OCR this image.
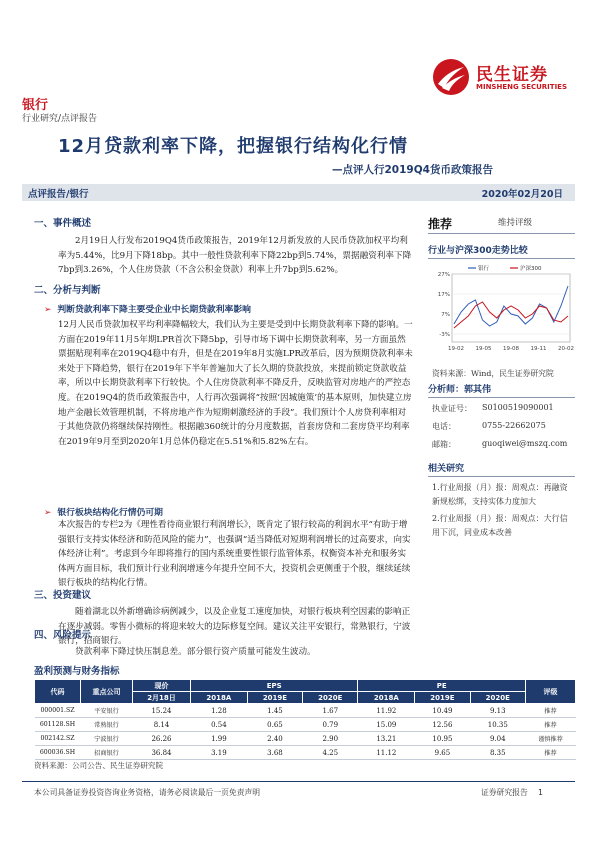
民生证券
MINSHENG SECURITIES
银行
行业研究/点评报告
12月贷款利率下降，把握银行结构化行情
—点评人行2019Q4货币政策报告
点评报告/银行	2020年02月20日
一、事件概述
2月19日人行发布2019Q4货币政策报告，2019年12月新发放的人民币贷款加权平均利率为5.44%，比9月下降18bp。其中一般性贷款利率下降22bp到5.74%，票据融资利率下降7bp到3.26%，个人住房贷款（不含公积金贷款）利率上升7bp到5.62%。
二、分析与判断
➢ 判断贷款利率下降主要受企业中长期贷款利率影响
12月人民币贷款加权平均利率降幅较大，我们认为主要是受到中长期贷款利率下降的影响。一方面在2019年11月5年期LPR首次下降5bp，引导市场下调中长期贷款利率，另一方面虽然票据贴现利率在2019Q4稳中有升，但是在2019年8月实施LPR改革后，因为预期贷款利率未来处于下降趋势，银行在2019年下半年普遍加大了长久期的贷款投放，来提前锁定贷款收益率，所以中长期贷款利率下行较快。个人住房贷款利率不降反升，反映监管对房地产的严控态度。在2019Q4的货币政策报告中，人行再次强调将“按照‘因城施策’的基本原则，加快建立房地产金融长效管理机制，不将房地产作为短期刺激经济的手段”。我们预计个人房贷利率相对于其他贷款仍将继续保持刚性。根据融360统计的分月度数据，首套房贷和二套房贷平均利率在2019年9月至到2020年1月总体仍稳定在5.51%和5.82%左右。
➢ 银行板块结构化行情仍可期
本次报告的专栏2为《理性看待商业银行利润增长》，既肯定了银行较高的利润水平“有助于增强银行支持实体经济和防范风险的能力”，也强调“适当降低对短期利润增长的过高要求，向实体经济让利”。考虑到今年即将推行的国内系统重要性银行监管体系，权衡资本补充和服务实体两方面目标，我们预计行业利润增速今年提升空间不大，投资机会更侧重于个股，继续延续银行板块的结构化行情。
三、投资建议
随着湖北以外新增确诊病例减少，以及企业复工速度加快，对银行板块利空因素的影响正在逐步减弱。零售小微标的将迎来较大的边际修复空间。建议关注平安银行，常熟银行，宁波银行，招商银行。
推荐	维持评级
行业与沪深300走势比较
27%
17%
7%
-3%
19-02 19-05 19-08 19-11 20-02
银行	沪深300
资料来源：Wind，民生证券研究院
分析师：郭其伟
执业证号： S0100519090001
电话：	0755-22662075
邮箱：	guoqiwei@mszq.com
相关研究
1.行业周报（月）报：周观点：再融资新规松绑，支持实体力度加大
2.行业周报（月）报：周观点：大行信用下沉，同业成本改善
盈利预测与财务指标
代码	重点公司	现价	EPS			PE			评级
		2月18日	2018A	2019E	2020E	2018A	2019E	2020E	
000001.SZ	平安银行	15.24	1.28	1.45	1.67	11.92	10.49	9.13	推荐
601128.SH	常熟银行	8.14	0.54	0.65	0.79	15.09	12.56	10.35	推荐
002142.SZ	宁波银行	26.26	1.99	2.40	2.90	13.21	10.95	9.04	谨慎推荐
600036.SH	招商银行	36.84	3.19	3.68	4.25	11.12	9.65	8.35	推荐
资料来源：公司公告、民生证券研究院
本公司具备证券投资咨询业务资格，请务必阅读最后一页免责声明	证券研究报告　 1
四、风险提示
贷款利率下降过快压制息差。部分银行资产质量可能发生波动。
